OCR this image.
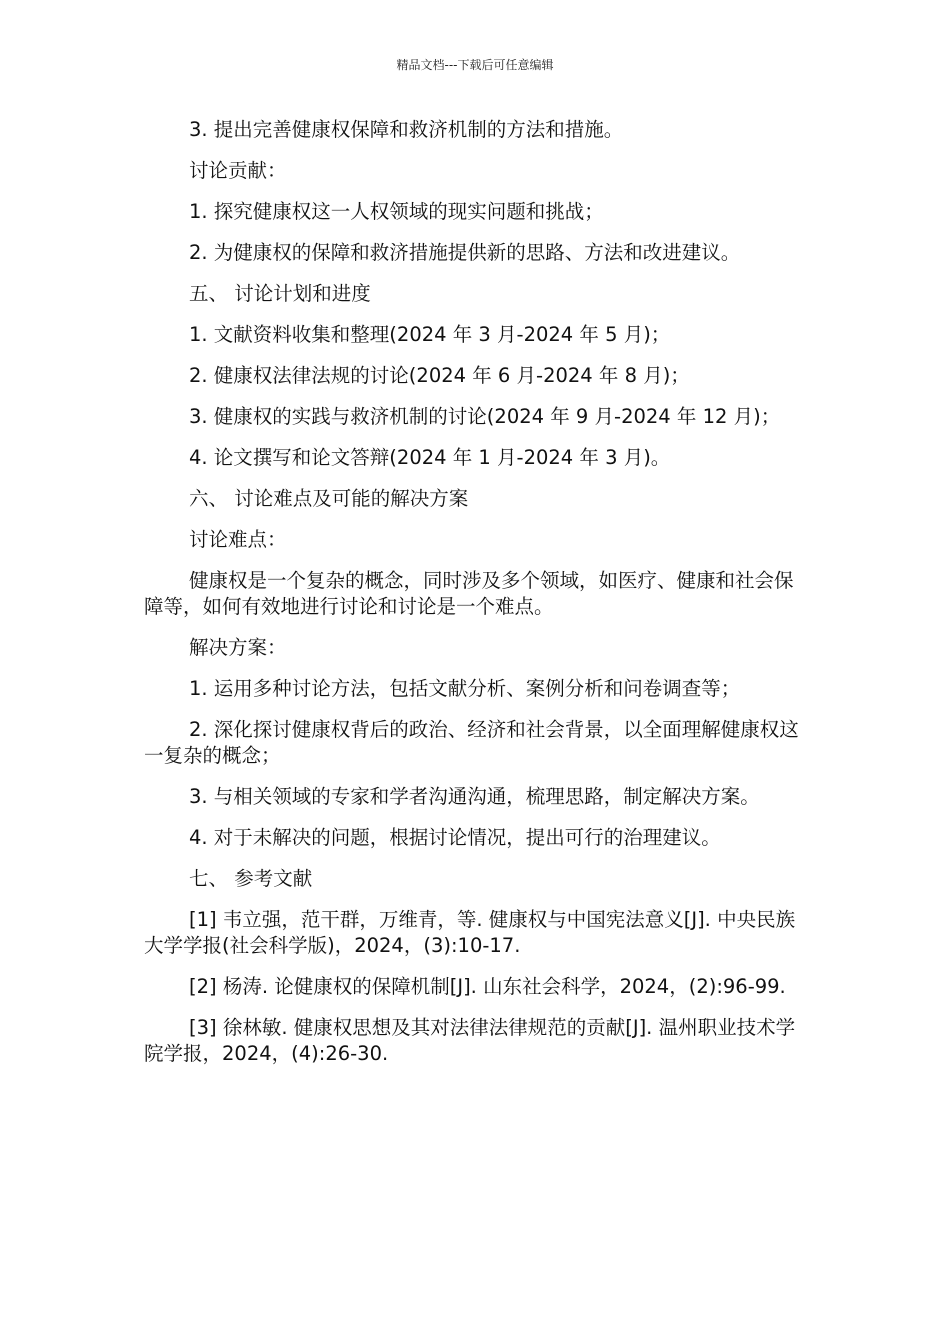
精品文档---下载后可任意编辑

3. 提出完善健康权保障和救济机制的方法和措施。

讨论贡献：

1. 探究健康权这一人权领域的现实问题和挑战；

2. 为健康权的保障和救济措施提供新的思路、方法和改进建议。

五、 讨论计划和进度

1. 文献资料收集和整理(2024 年 3 月-2024 年 5 月)；

2. 健康权法律法规的讨论(2024 年 6 月-2024 年 8 月)；

3. 健康权的实践与救济机制的讨论(2024 年 9 月-2024 年 12 月)；

4. 论文撰写和论文答辩(2024 年 1 月-2024 年 3 月)。

六、 讨论难点及可能的解决方案

讨论难点：

健康权是一个复杂的概念，同时涉及多个领域，如医疗、健康和社会保障等，如何有效地进行讨论和讨论是一个难点。

解决方案：

1. 运用多种讨论方法，包括文献分析、案例分析和问卷调查等；

2. 深化探讨健康权背后的政治、经济和社会背景，以全面理解健康权这一复杂的概念；

3. 与相关领域的专家和学者沟通沟通，梳理思路，制定解决方案。

4. 对于未解决的问题，根据讨论情况，提出可行的治理建议。

七、 参考文献

[1] 韦立强，范干群，万维青，等. 健康权与中国宪法意义[J]. 中央民族大学学报(社会科学版)，2024，(3):10-17.

[2] 杨涛. 论健康权的保障机制[J]. 山东社会科学，2024，(2):96-99.

[3] 徐林敏. 健康权思想及其对法律法律规范的贡献[J]. 温州职业技术学院学报，2024，(4):26-30.
